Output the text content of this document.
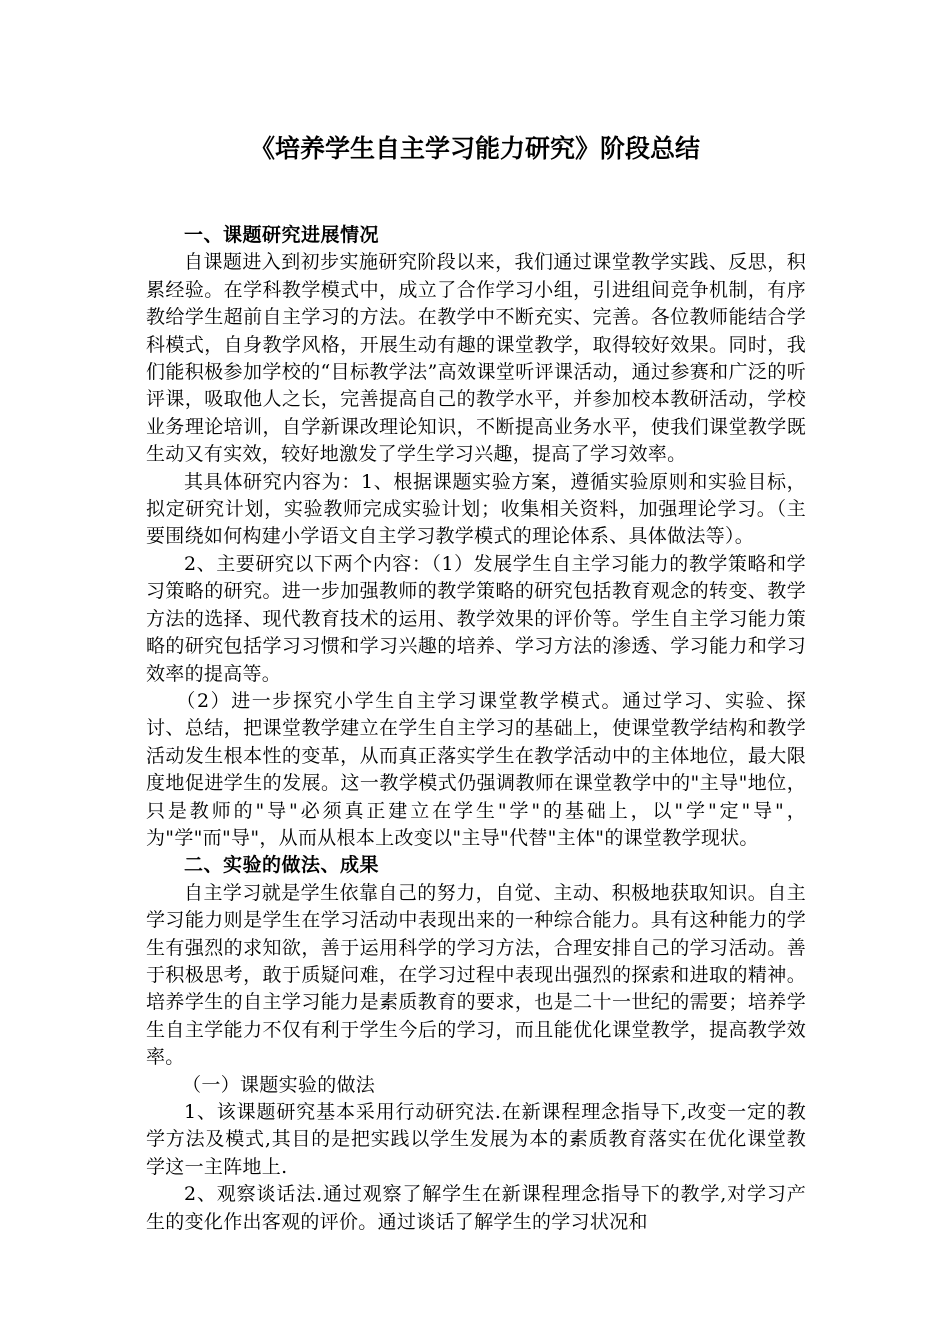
《培养学生自主学习能力研究》阶段总结

一、课题研究进展情况

自课题进入到初步实施研究阶段以来，我们通过课堂教学实践、反思，积累经验。在学科教学模式中，成立了合作学习小组，引进组间竞争机制，有序教给学生超前自主学习的方法。在教学中不断充实、完善。各位教师能结合学科模式，自身教学风格，开展生动有趣的课堂教学，取得较好效果。同时，我们能积极参加学校的“目标教学法”高效课堂听评课活动，通过参赛和广泛的听评课，吸取他人之长，完善提高自己的教学水平，并参加校本教研活动，学校业务理论培训，自学新课改理论知识，不断提高业务水平，使我们课堂教学既生动又有实效，较好地激发了学生学习兴趣，提高了学习效率。

其具体研究内容为：1、根据课题实验方案，遵循实验原则和实验目标，拟定研究计划，实验教师完成实验计划；收集相关资料，加强理论学习。（主要围绕如何构建小学语文自主学习教学模式的理论体系、具体做法等）。

2、主要研究以下两个内容：（1）发展学生自主学习能力的教学策略和学习策略的研究。进一步加强教师的教学策略的研究包括教育观念的转变、教学方法的选择、现代教育技术的运用、教学效果的评价等。学生自主学习能力策略的研究包括学习习惯和学习兴趣的培养、学习方法的渗透、学习能力和学习效率的提高等。

（2）进一步探究小学生自主学习课堂教学模式。通过学习、实验、探讨、总结，把课堂教学建立在学生自主学习的基础上，使课堂教学结构和教学活动发生根本性的变革，从而真正落实学生在教学活动中的主体地位，最大限度地促进学生的发展。这一教学模式仍强调教师在课堂教学中的"主导"地位，只是教师的"导"必须真正建立在学生"学"的基础上，以"学"定"导"，为"学"而"导"，从而从根本上改变以"主导"代替"主体"的课堂教学现状。

二、实验的做法、成果

自主学习就是学生依靠自己的努力，自觉、主动、积极地获取知识。自主学习能力则是学生在学习活动中表现出来的一种综合能力。具有这种能力的学生有强烈的求知欲，善于运用科学的学习方法，合理安排自己的学习活动。善于积极思考，敢于质疑问难，在学习过程中表现出强烈的探索和进取的精神。培养学生的自主学习能力是素质教育的要求，也是二十一世纪的需要；培养学生自主学能力不仅有利于学生今后的学习，而且能优化课堂教学，提高教学效率。

（一）课题实验的做法

1、该课题研究基本采用行动研究法.在新课程理念指导下,改变一定的教学方法及模式,其目的是把实践以学生发展为本的素质教育落实在优化课堂教学这一主阵地上.

2、观察谈话法.通过观察了解学生在新课程理念指导下的教学,对学习产生的变化作出客观的评价。通过谈话了解学生的学习状况和
